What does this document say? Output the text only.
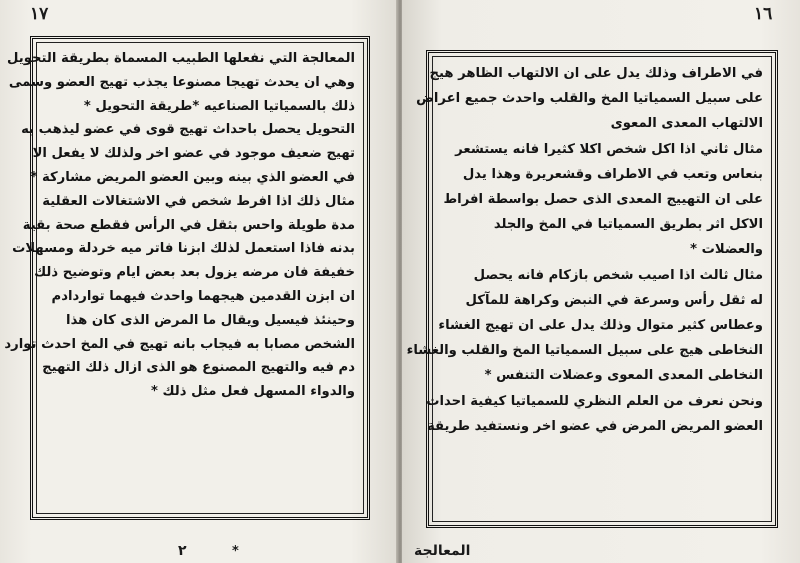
١٧
المعالجة التي نفعلها الطبيب المسماة بطريقة التحويل
وهي ان يحدث تهيجا مصنوعا يجذب تهيج العضو وسمى
ذلك بالسمياتيا الصناعيه *طريقة التحويل *
التحويل يحصل باحداث تهيج قوى في عضو ليذهب به
تهيج ضعيف موجود في عضو اخر ولذلك لا يفعل الا
في العضو الذي بينه وبين العضو المريض مشاركة *
مثال ذلك اذا افرط شخص في الاشتغالات العقلية
مدة طويلة واحس بثقل في الرأس فقطع صحة بقية
بدنه فاذا استعمل لذلك ابزنا فاتر ميه خردلة ومسهلات
خفيفة فان مرضه يزول بعد بعض ايام وتوضيح ذلك
ان ابزن القدمين هيجهما واحدث فيهما تواردادم
وحينئذ فيسيل ويقال ما المرض الذى كان هذا
الشخص مصابا به فيجاب بانه تهيج في المخ احدث توارد
دم فيه والتهيج المصنوع هو الذى ازال ذلك التهيج
والدواء المسهل فعل مثل ذلك *
٢	*
١٦
في الاطراف وذلك يدل على ان الالتهاب الظاهر هيج
على سبيل السمياتيا المخ والقلب واحدث جميع اعراض
الالتهاب المعدى المعوى
مثال ثاني اذا اكل شخص اكلا كثيرا فانه يستشعر
بنعاس وتعب في الاطراف وقشعريرة وهذا يدل
على ان التهييج المعدى الذى حصل بواسطة افراط
الاكل اثر بطريق السمياتيا في المخ والجلد
والعضلات *
مثال ثالث اذا اصيب شخص بازكام فانه يحصل
له ثقل رأس وسرعة في النبض وكراهة للمآكل
وعطاس كثير متوال وذلك يدل على ان تهيج الغشاء
النخاطى هيج على سبيل السمياتيا المخ والقلب والغشاء
النخاطى المعدى المعوى وعضلات التنفس *
ونحن نعرف من العلم النظري للسمياتيا كيفية احداث
العضو المريض المرض في عضو اخر ونستفيد طريقة
المعالجة
